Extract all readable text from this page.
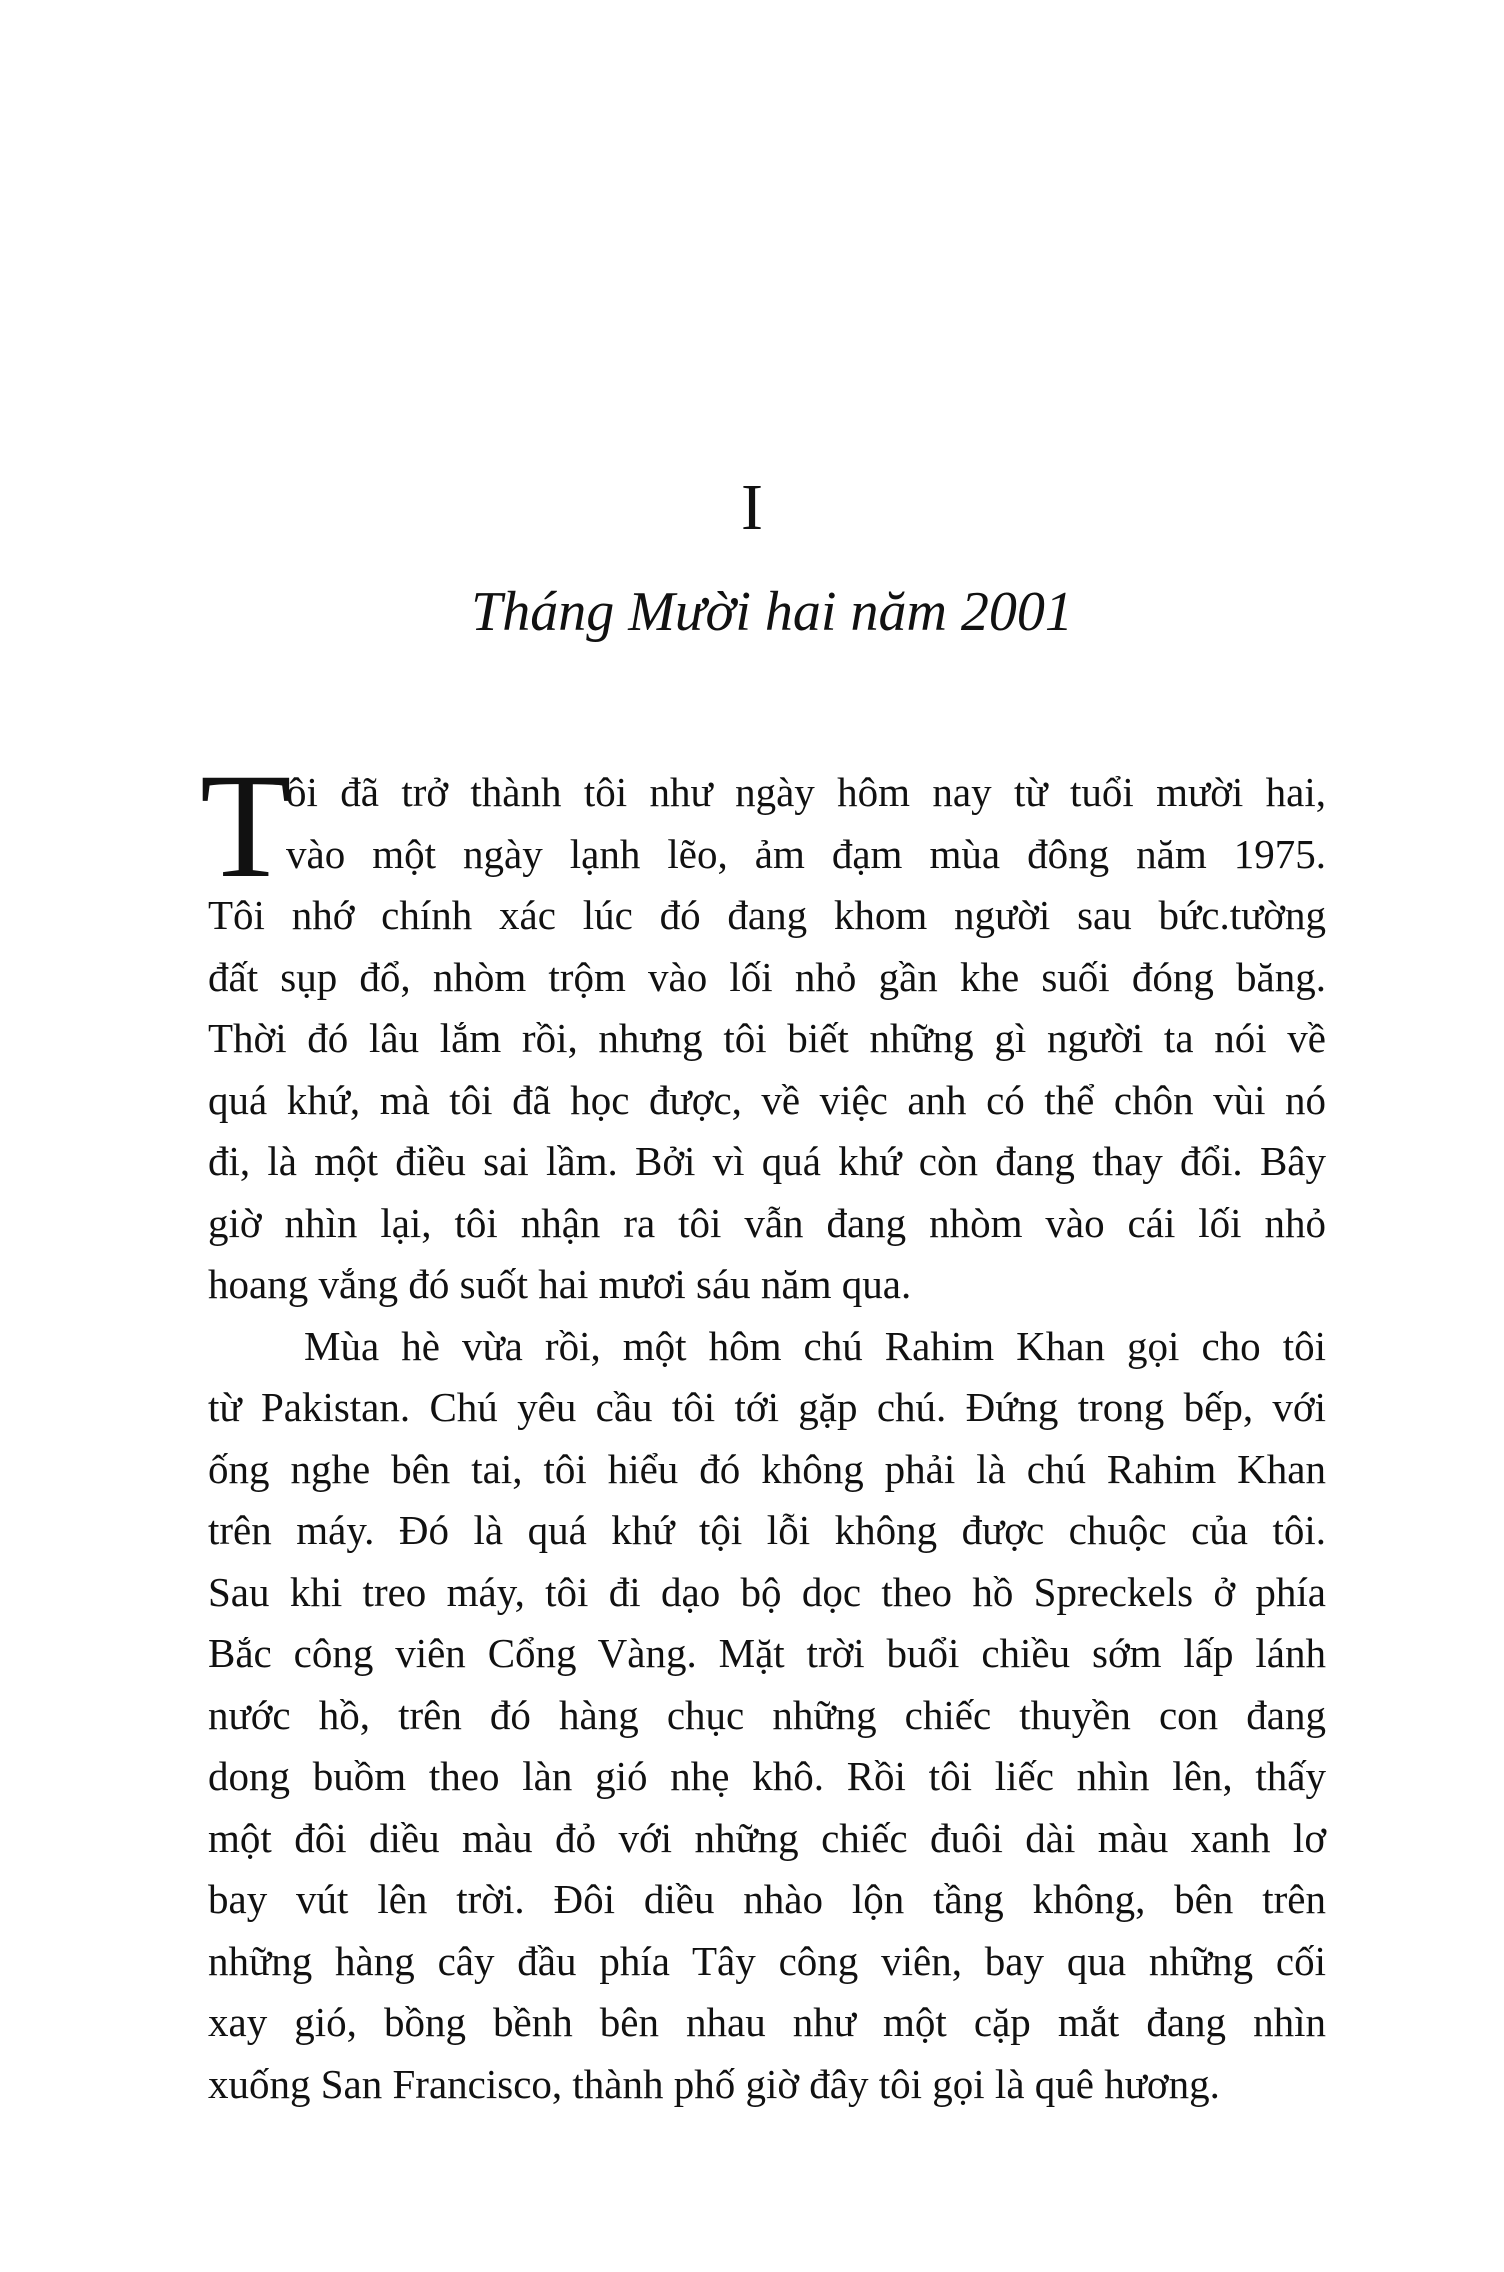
I
Tháng Mười hai năm 2001
T
ôi đã trở thành tôi như ngày hôm nay từ tuổi mười hai,
vào một ngày lạnh lẽo, ảm đạm mùa đông năm 1975.
Tôi nhớ chính xác lúc đó đang khom người sau bức.tường
đất sụp đổ, nhòm trộm vào lối nhỏ gần khe suối đóng băng.
Thời đó lâu lắm rồi, nhưng tôi biết những gì người ta nói về
quá khứ, mà tôi đã học được, về việc anh có thể chôn vùi nó
đi, là một điều sai lầm. Bởi vì quá khứ còn đang thay đổi. Bây
giờ nhìn lại, tôi nhận ra tôi vẫn đang nhòm vào cái lối nhỏ
hoang vắng đó suốt hai mươi sáu năm qua.
Mùa hè vừa rồi, một hôm chú Rahim Khan gọi cho tôi
từ Pakistan. Chú yêu cầu tôi tới gặp chú. Đứng trong bếp, với
ống nghe bên tai, tôi hiểu đó không phải là chú Rahim Khan
trên máy. Đó là quá khứ tội lỗi không được chuộc của tôi.
Sau khi treo máy, tôi đi dạo bộ dọc theo hồ Spreckels ở phía
Bắc công viên Cổng Vàng. Mặt trời buổi chiều sớm lấp lánh
nước hồ, trên đó hàng chục những chiếc thuyền con đang
dong buồm theo làn gió nhẹ khô. Rồi tôi liếc nhìn lên, thấy
một đôi diều màu đỏ với những chiếc đuôi dài màu xanh lơ
bay vút lên trời. Đôi diều nhào lộn tầng không, bên trên
những hàng cây đầu phía Tây công viên, bay qua những cối
xay gió, bồng bềnh bên nhau như một cặp mắt đang nhìn
xuống San Francisco, thành phố giờ đây tôi gọi là quê hương.
